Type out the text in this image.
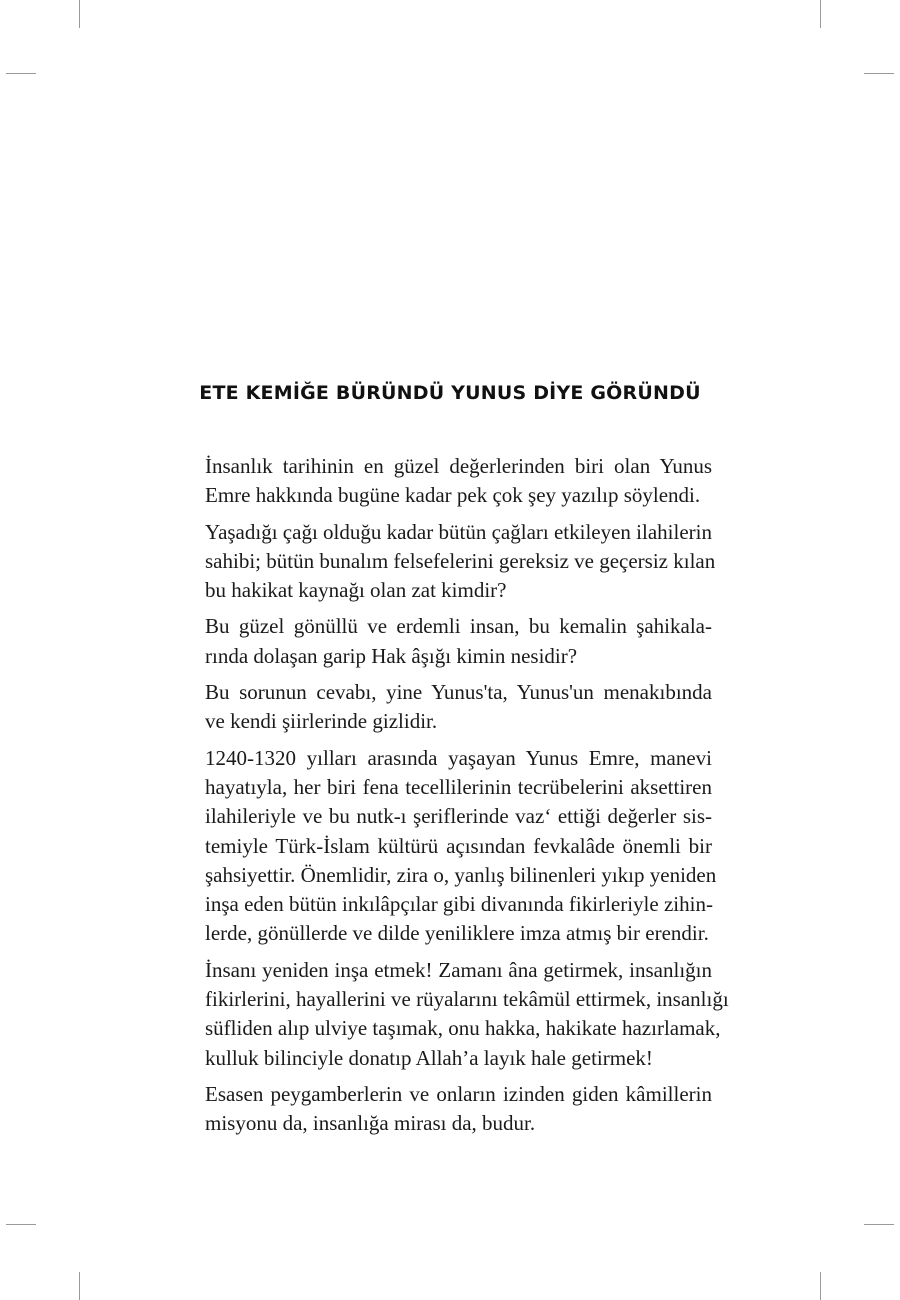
ETE KEMİĞE BÜRÜNDÜ YUNUS DİYE GÖRÜNDÜ

İnsanlık tarihinin en güzel değerlerinden biri olan Yunus
Emre hakkında bugüne kadar pek çok şey yazılıp söylendi.

Yaşadığı çağı olduğu kadar bütün çağları etkileyen ilahilerin
sahibi; bütün bunalım felsefelerini gereksiz ve geçersiz kılan
bu hakikat kaynağı olan zat kimdir?

Bu güzel gönüllü ve erdemli insan, bu kemalin şahikala-
rında dolaşan garip Hak âşığı kimin nesidir?

Bu sorunun cevabı, yine Yunus'ta, Yunus'un menakıbında
ve kendi şiirlerinde gizlidir.

1240-1320 yılları arasında yaşayan Yunus Emre, manevi
hayatıyla, her biri fena tecellilerinin tecrübelerini aksettiren
ilahileriyle ve bu nutk-ı şeriflerinde vaz‘ ettiği değerler sis-
temiyle Türk-İslam kültürü açısından fevkalâde önemli bir
şahsiyettir. Önemlidir, zira o, yanlış bilinenleri yıkıp yeniden
inşa eden bütün inkılâpçılar gibi divanında fikirleriyle zihin-
lerde, gönüllerde ve dilde yeniliklere imza atmış bir erendir.

İnsanı yeniden inşa etmek! Zamanı âna getirmek, insanlığın
fikirlerini, hayallerini ve rüyalarını tekâmül ettirmek, insanlığı
süfliden alıp ulviye taşımak, onu hakka, hakikate hazırlamak,
kulluk bilinciyle donatıp Allah’a layık hale getirmek!

Esasen peygamberlerin ve onların izinden giden kâmillerin
misyonu da, insanlığa mirası da, budur.
